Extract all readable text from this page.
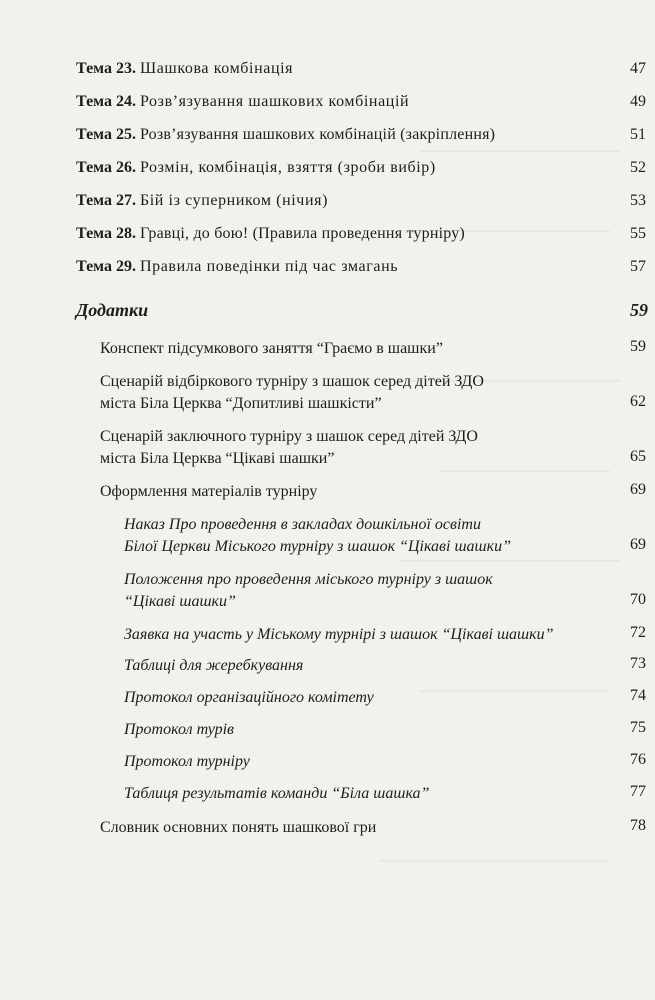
Тема 23. Шашкова комбінація	47
Тема 24. Розв’язування шашкових комбінацій	49
Тема 25. Розв’язування шашкових комбінацій (закріплення)	51
Тема 26. Розмін, комбінація, взяття (зроби вибір)	52
Тема 27. Бій із суперником (нічия)	53
Тема 28. Гравці, до бою! (Правила проведення турніру)	55
Тема 29. Правила поведінки під час змагань	57
Додатки	59
Конспект підсумкового заняття “Граємо в шашки”	59
Сценарій відбіркового турніру з шашок серед дітей ЗДО
міста Біла Церква “Допитливі шашкісти”	62
Сценарій заключного турніру з шашок серед дітей ЗДО
міста Біла Церква “Цікаві шашки”	65
Оформлення матеріалів турніру	69
Наказ Про проведення в закладах дошкільної освіти
Білої Церкви Міського турніру з шашок “Цікаві шашки”	69
Положення про проведення міського турніру з шашок
“Цікаві шашки”	70
Заявка на участь у Міському турнірі з шашок “Цікаві шашки”	72
Таблиці для жеребкування	73
Протокол організаційного комітету	74
Протокол турів	75
Протокол турніру	76
Таблиця результатів команди “Біла шашка”	77
Словник основних понять шашкової гри	78
